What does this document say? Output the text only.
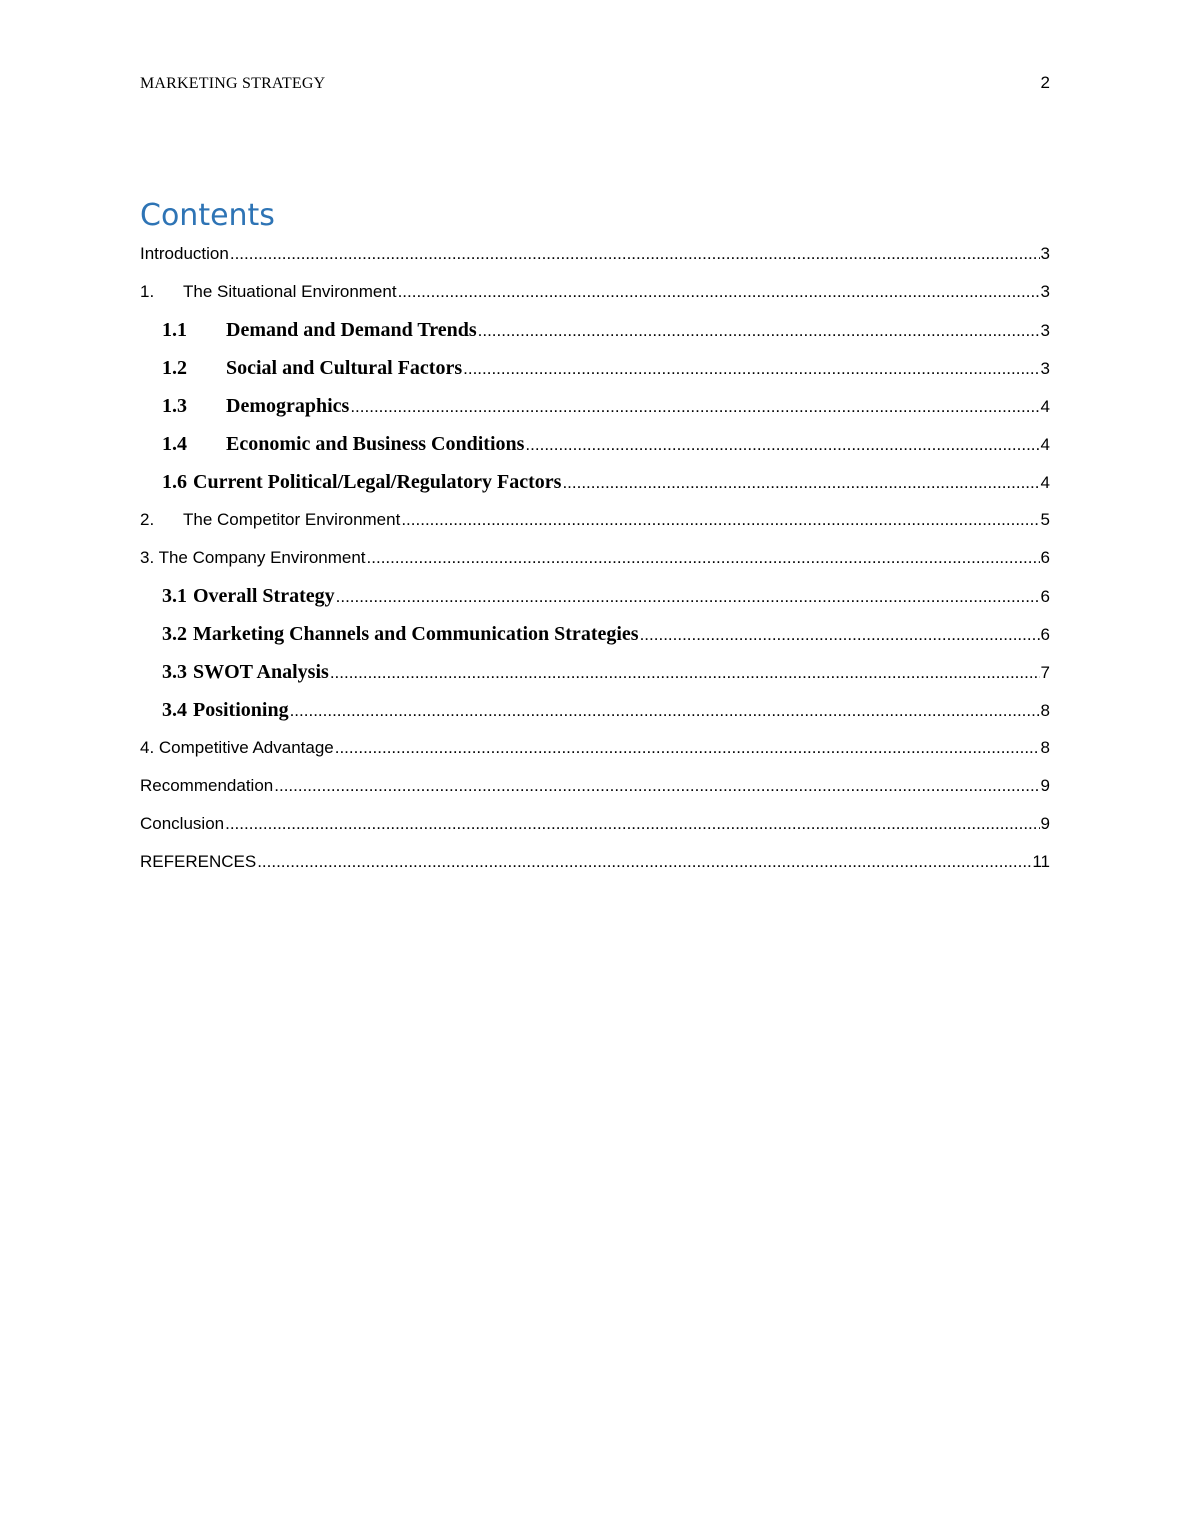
MARKETING STRATEGY	2
Contents
Introduction .....	3
1.	The Situational Environment .....	3
1.1	Demand and Demand Trends .....	3
1.2	Social and Cultural Factors .....	3
1.3	Demographics .....	4
1.4	Economic and Business Conditions .....	4
1.6 Current Political/Legal/Regulatory Factors .....	4
2.	The Competitor Environment .....	5
3. The Company Environment .....	6
3.1 Overall Strategy .....	6
3.2 Marketing Channels and Communication Strategies .....	6
3.3 SWOT Analysis .....	7
3.4 Positioning .....	8
4. Competitive Advantage .....	8
Recommendation .....	9
Conclusion .....	9
REFERENCES .....	11
